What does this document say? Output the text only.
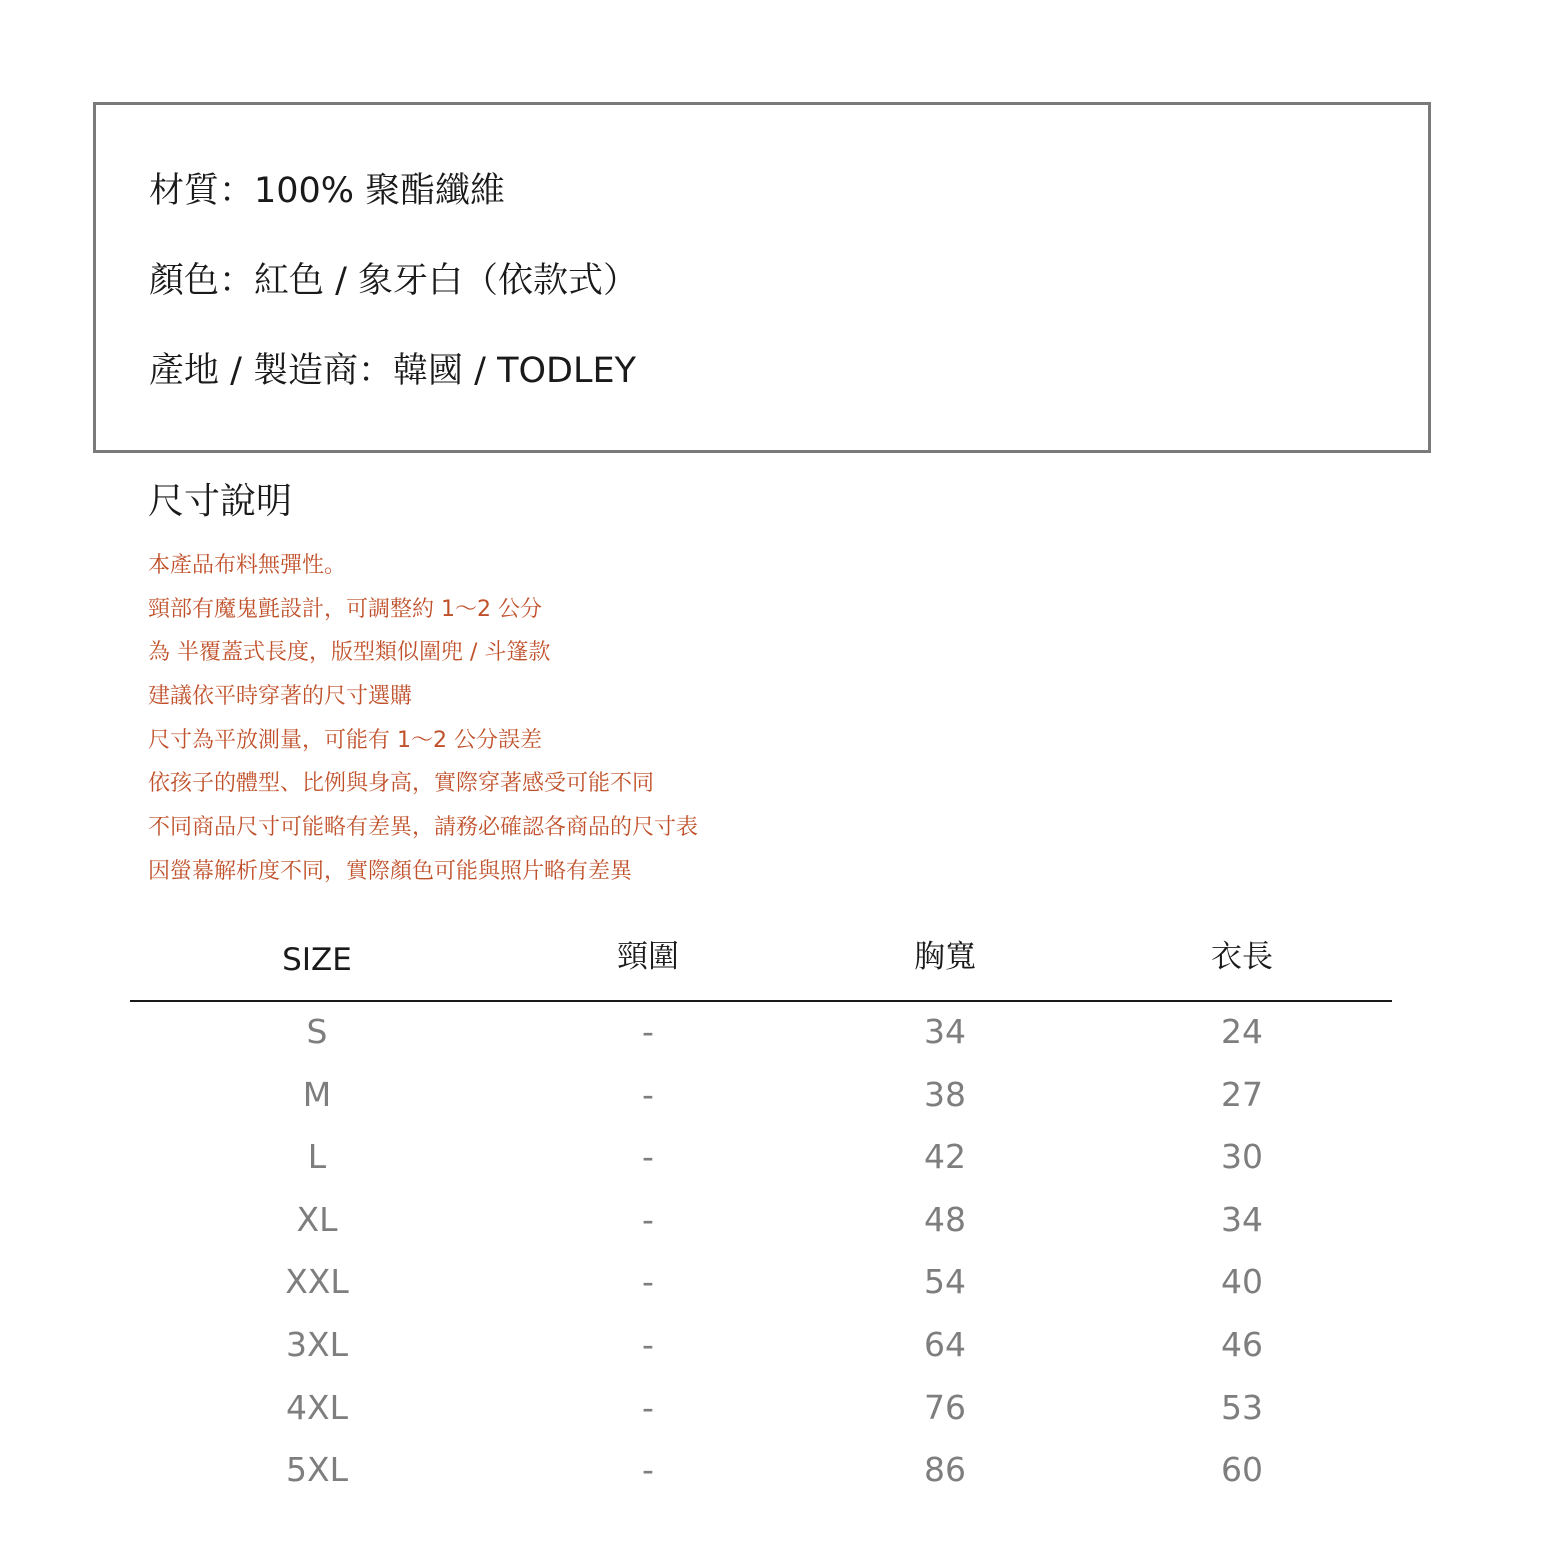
材質：100% 聚酯纖維
顏色：紅色 / 象牙白（依款式）
產地 / 製造商：韓國 / TODLEY
尺寸說明
本產品布料無彈性。
頸部有魔鬼氈設計，可調整約 1～2 公分
為 半覆蓋式長度，版型類似圍兜 / 斗篷款
建議依平時穿著的尺寸選購
尺寸為平放測量，可能有 1～2 公分誤差
依孩子的體型、比例與身高，實際穿著感受可能不同
不同商品尺寸可能略有差異，請務必確認各商品的尺寸表
因螢幕解析度不同，實際顏色可能與照片略有差異
SIZE	頸圍	胸寬	衣長
S	-	34	24
M	-	38	27
L	-	42	30
XL	-	48	34
XXL	-	54	40
3XL	-	64	46
4XL	-	76	53
5XL	-	86	60
